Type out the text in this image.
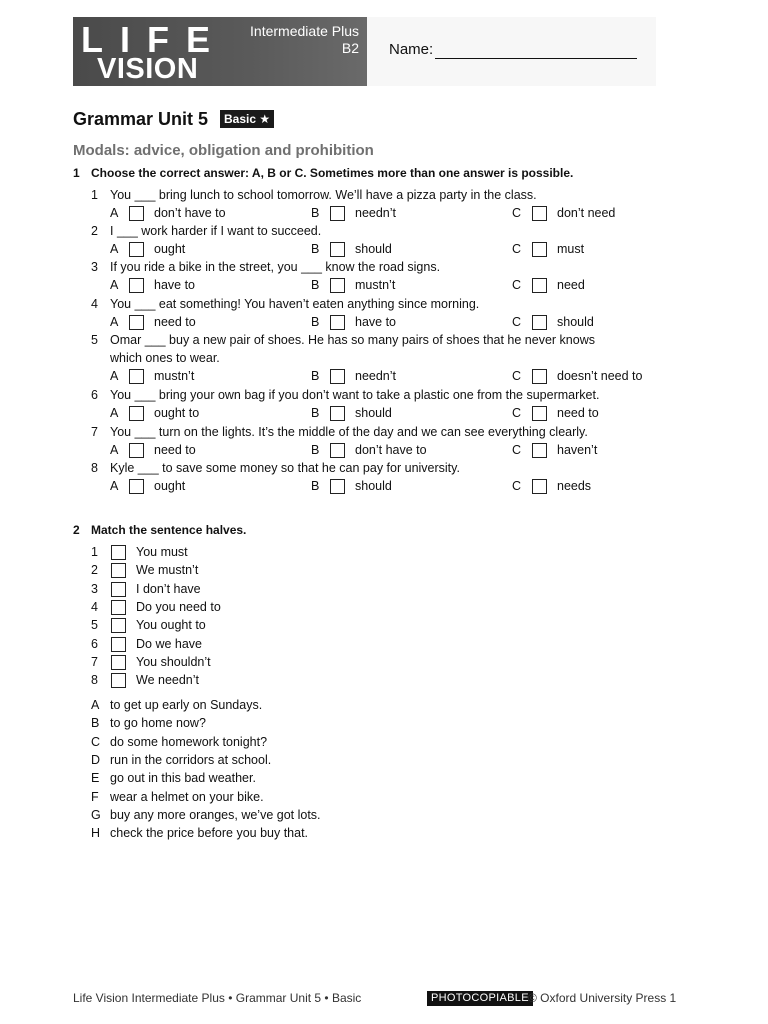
LIFE
VISION
Intermediate Plus
B2 Name:
Grammar Unit 5	Basic ★
Modals: advice, obligation and prohibition
1 Choose the correct answer: A, B or C. Sometimes more than one answer is possible.
1 You ___ bring lunch to school tomorrow. We’ll have a pizza party in the class.
A	don’t have to	B	needn’t	C	don’t need
2 I ___ work harder if I want to succeed.
A	ought	B	should	C	must
3 If you ride a bike in the street, you ___ know the road signs.
A	have to	B	mustn’t	C	need
4 You ___ eat something! You haven’t eaten anything since morning.
A	need to	B	have to	C	should
5 Omar ___ buy a new pair of shoes. He has so many pairs of shoes that he never knows
which ones to wear.
A	mustn’t	B	needn’t	C	doesn’t need to
6 You ___ bring your own bag if you don’t want to take a plastic one from the supermarket.
A	ought to	B	should	C	need to
7 You ___ turn on the lights. It’s the middle of the day and we can see everything clearly.
A	need to	B	don’t have to	C	haven’t
8 Kyle ___ to save some money so that he can pay for university.
A	ought	B	should	C	needs
2 Match the sentence halves.
1	You must
2	We mustn’t
3	I don’t have
4	Do you need to
5	You ought to
6	Do we have
7	You shouldn’t
8	We needn’t
A to get up early on Sundays.
B to go home now?
C do some homework tonight?
D run in the corridors at school.
E go out in this bad weather.
F wear a helmet on your bike.
G buy any more oranges, we’ve got lots.
H check the price before you buy that.
Life Vision Intermediate Plus • Grammar Unit 5 • Basic	PHOTOCOPIABLE © Oxford University Press 1
